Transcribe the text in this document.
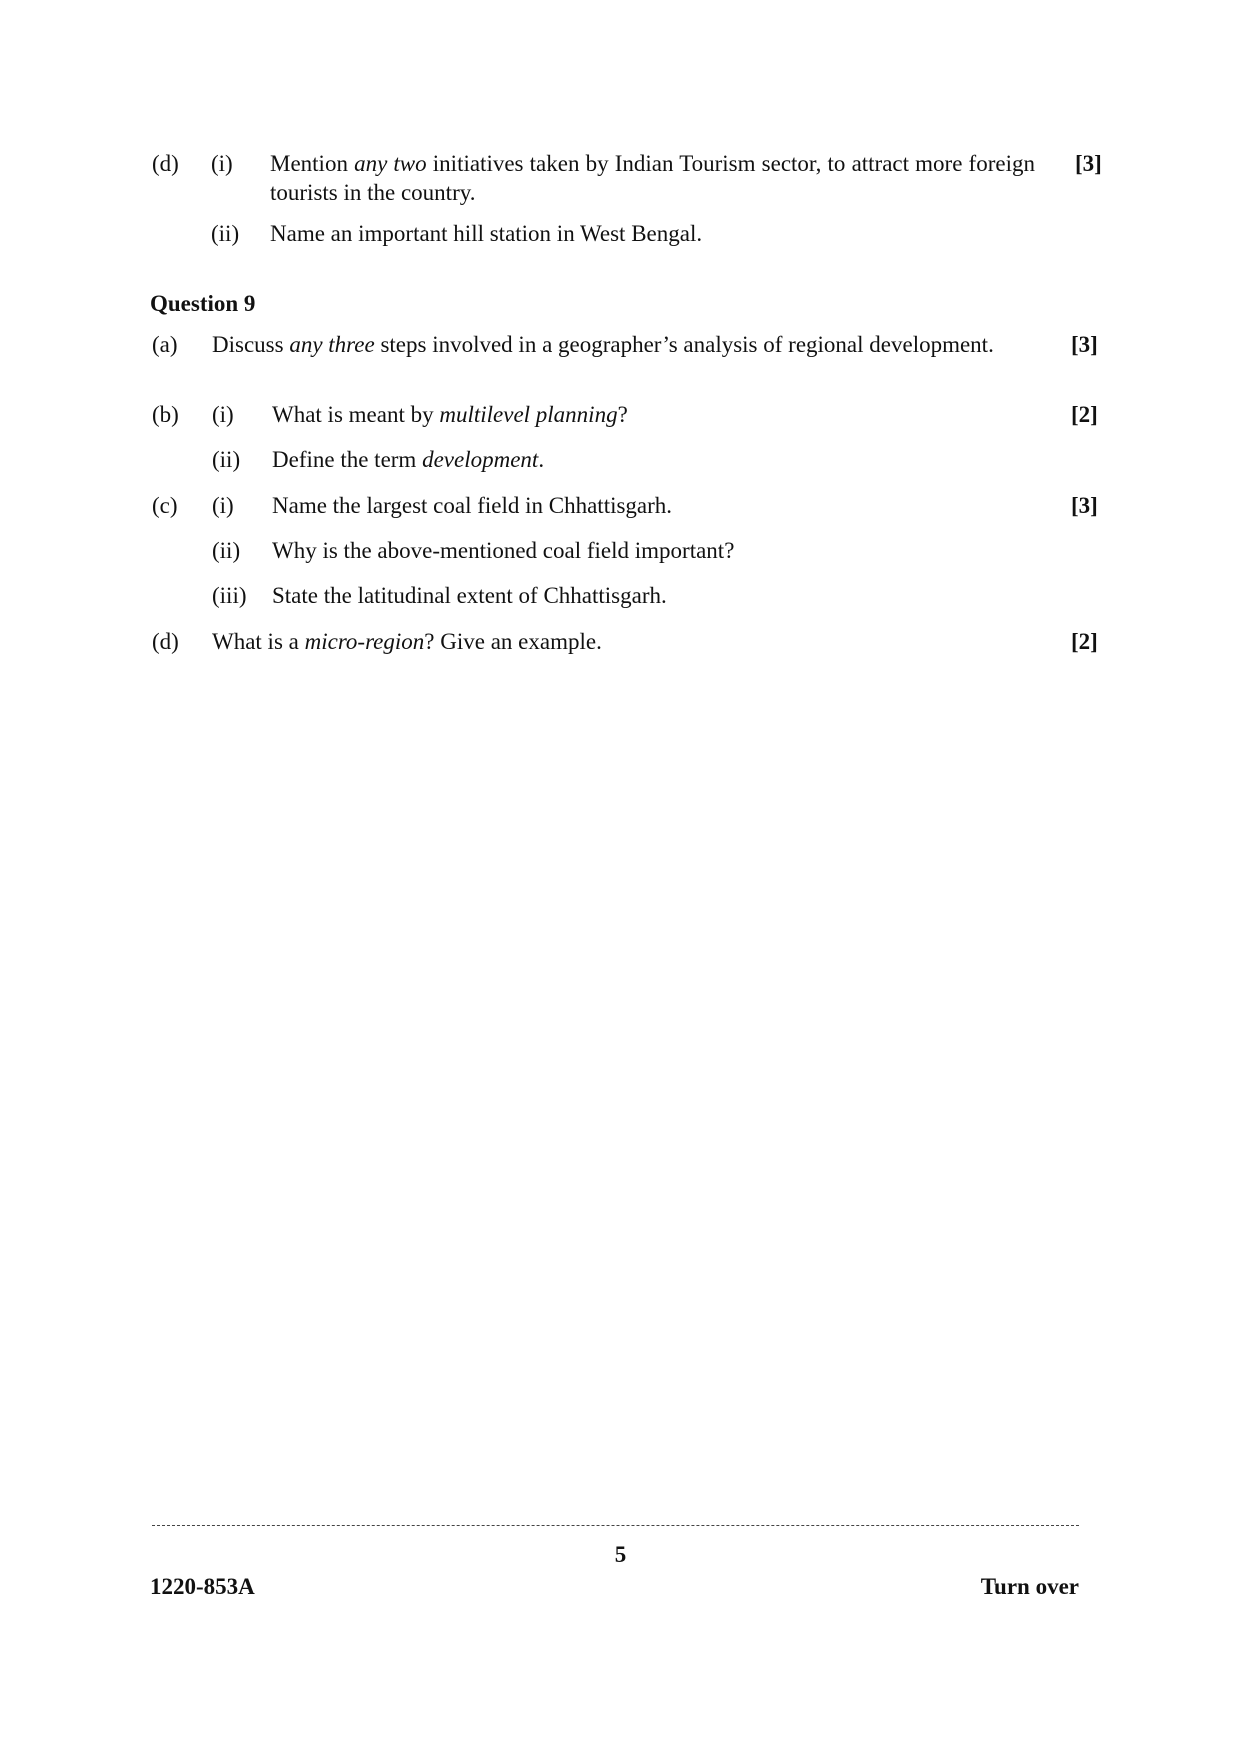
(d) (i) Mention any two initiatives taken by Indian Tourism sector, to attract more foreign tourists in the country.
[3]
(ii) Name an important hill station in West Bengal.
Question 9
(a) Discuss any three steps involved in a geographer’s analysis of regional development.	[3]
(b) (i) What is meant by multilevel planning?	[2]
(ii) Define the term development.
(c) (i) Name the largest coal field in Chhattisgarh.	[3]
(ii) Why is the above-mentioned coal field important?
(iii) State the latitudinal extent of Chhattisgarh.
(d) What is a micro-region? Give an example.	[2]
5
1220-853A	Turn over
